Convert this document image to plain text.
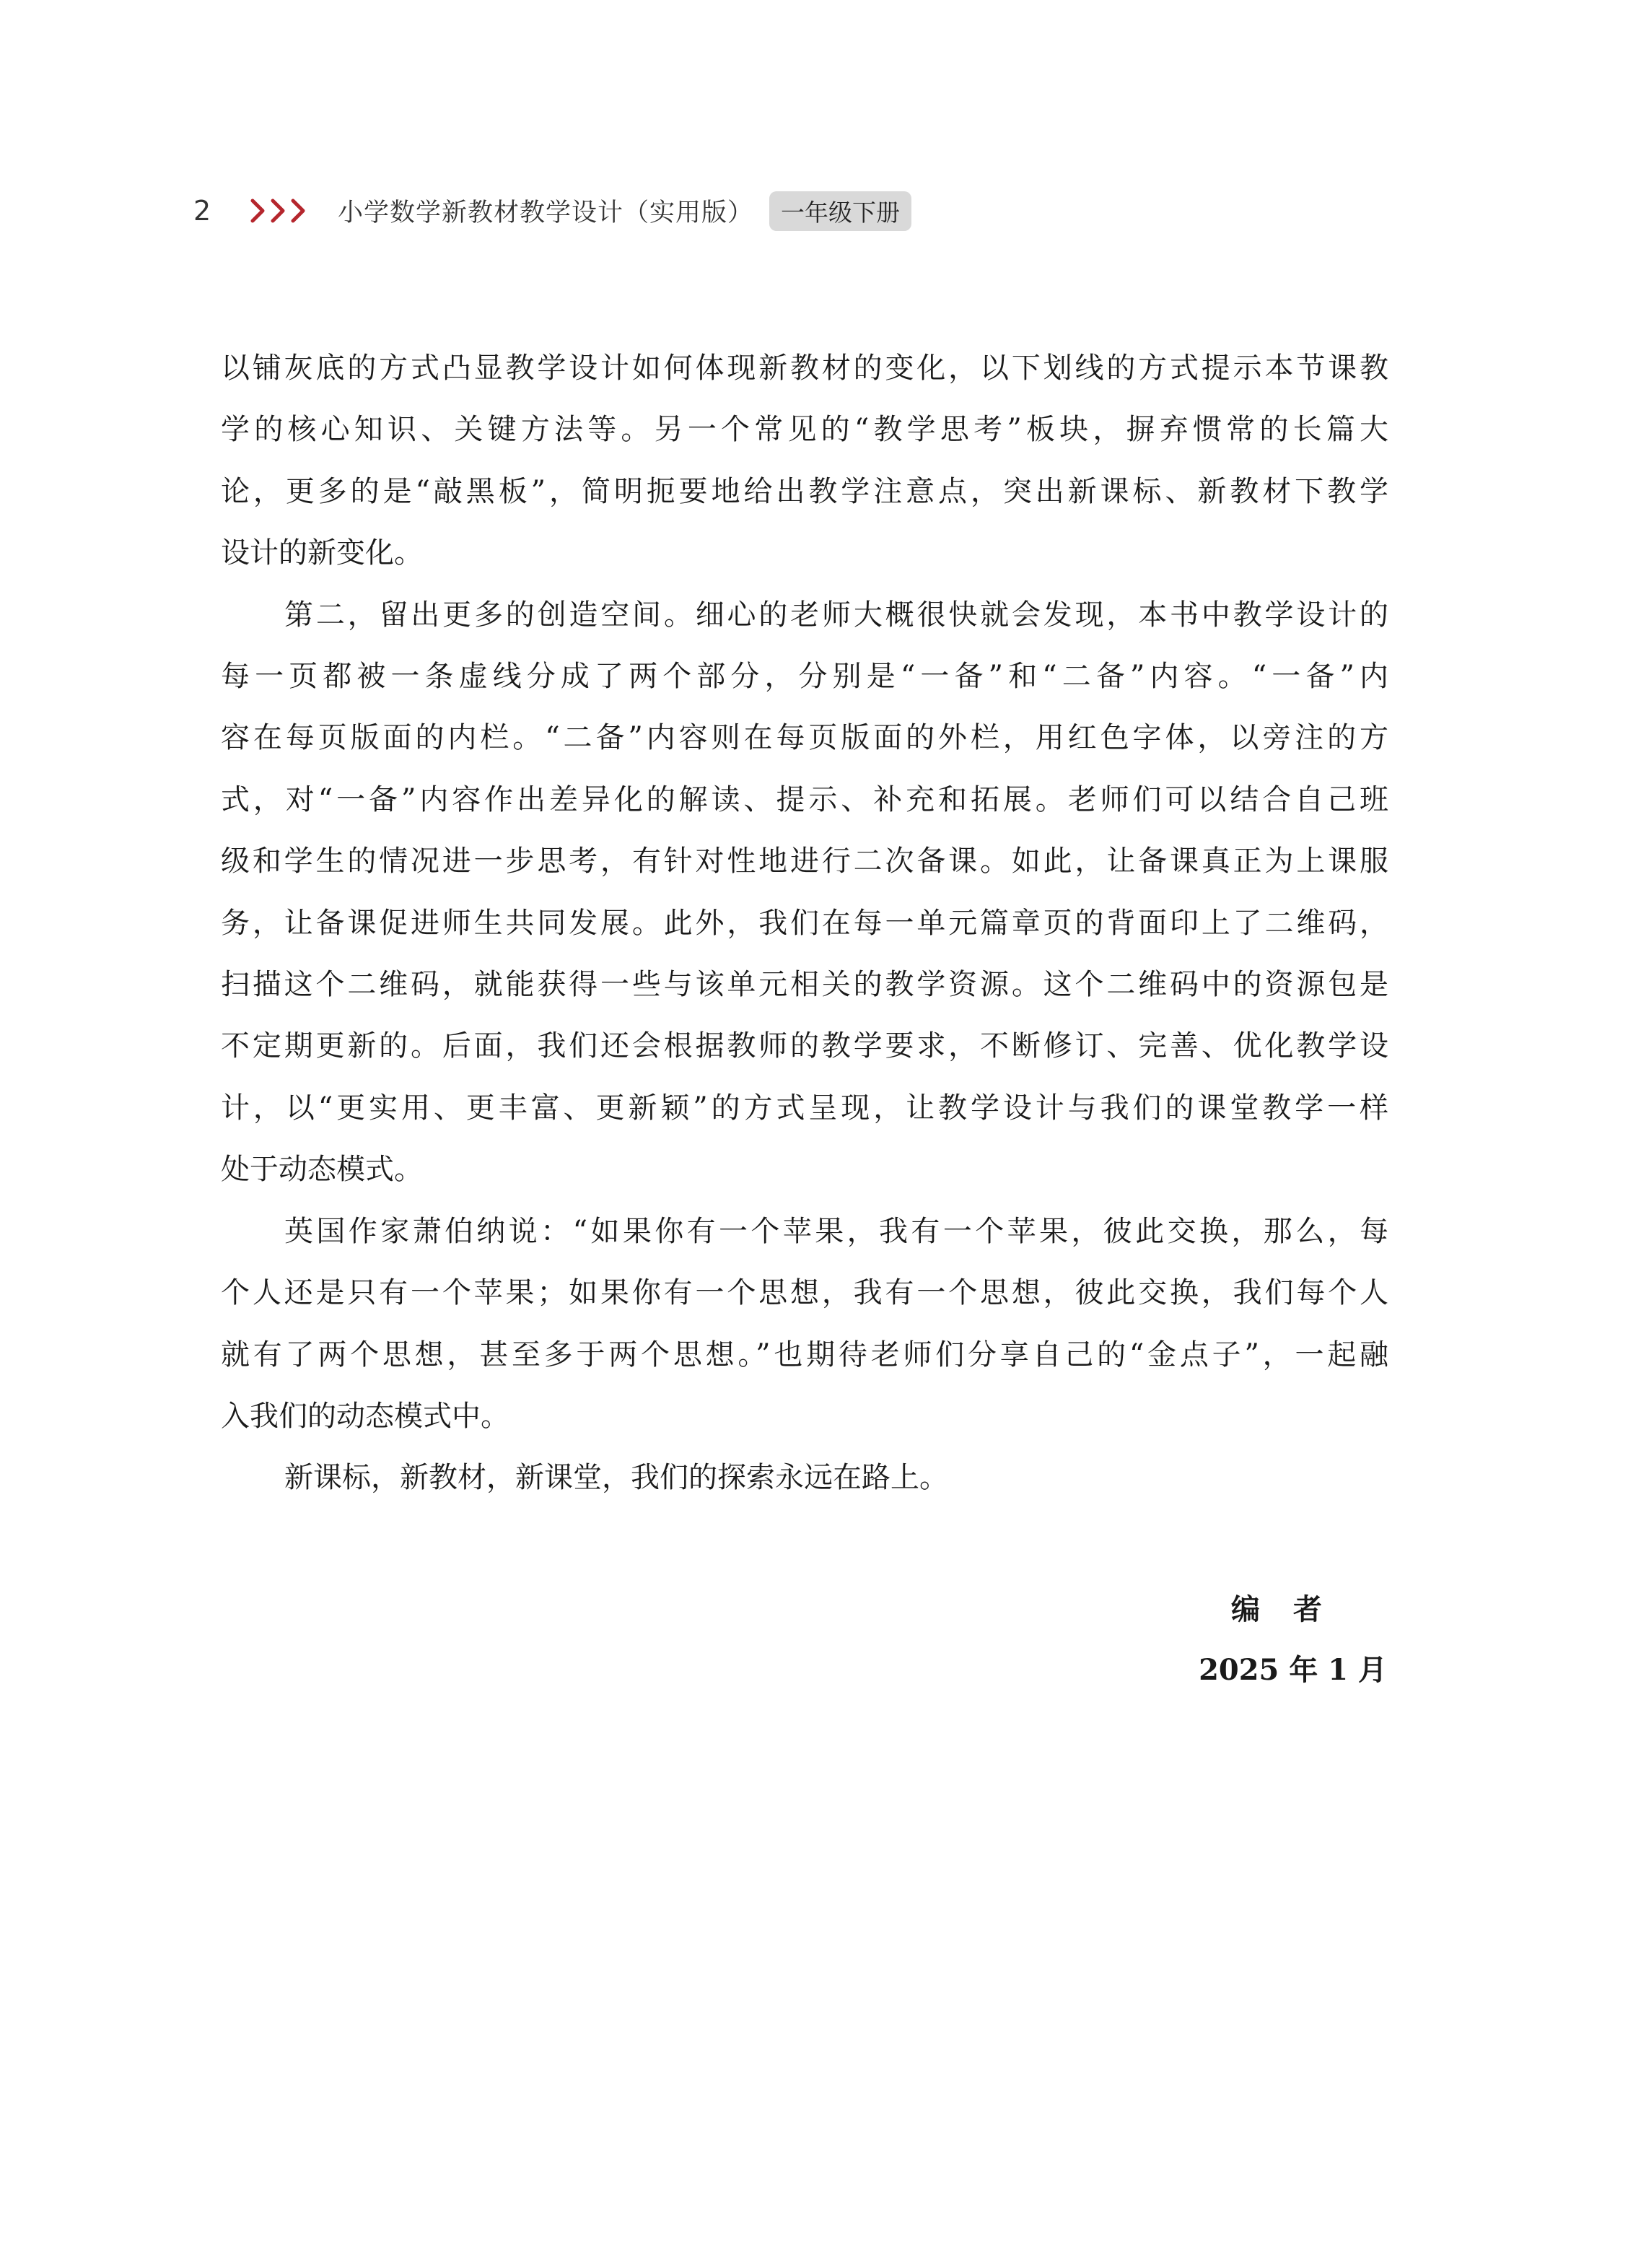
2	小学数学新教材教学设计（实用版）	一年级下册
以铺灰底的方式凸显教学设计如何体现新教材的变化，以下划线的方式提示本节课教
学的核心知识、关键方法等。另一个常见的“教学思考”板块，摒弃惯常的长篇大
论，更多的是“敲黑板”，简明扼要地给出教学注意点，突出新课标、新教材下教学
设计的新变化。
第二，留出更多的创造空间。细心的老师大概很快就会发现，本书中教学设计的
每一页都被一条虚线分成了两个部分，分别是“一备”和“二备”内容。“一备”内
容在每页版面的内栏。“二备”内容则在每页版面的外栏，用红色字体，以旁注的方
式，对“一备”内容作出差异化的解读、提示、补充和拓展。老师们可以结合自己班
级和学生的情况进一步思考，有针对性地进行二次备课。如此，让备课真正为上课服
务，让备课促进师生共同发展。此外，我们在每一单元篇章页的背面印上了二维码，
扫描这个二维码，就能获得一些与该单元相关的教学资源。这个二维码中的资源包是
不定期更新的。后面，我们还会根据教师的教学要求，不断修订、完善、优化教学设
计，以“更实用、更丰富、更新颖”的方式呈现，让教学设计与我们的课堂教学一样
处于动态模式。
英国作家萧伯纳说：“如果你有一个苹果，我有一个苹果，彼此交换，那么，每
个人还是只有一个苹果；如果你有一个思想，我有一个思想，彼此交换，我们每个人
就有了两个思想，甚至多于两个思想。”也期待老师们分享自己的“金点子”，一起融
入我们的动态模式中。
新课标，新教材，新课堂，我们的探索永远在路上。
编者
2025 年 1 月
